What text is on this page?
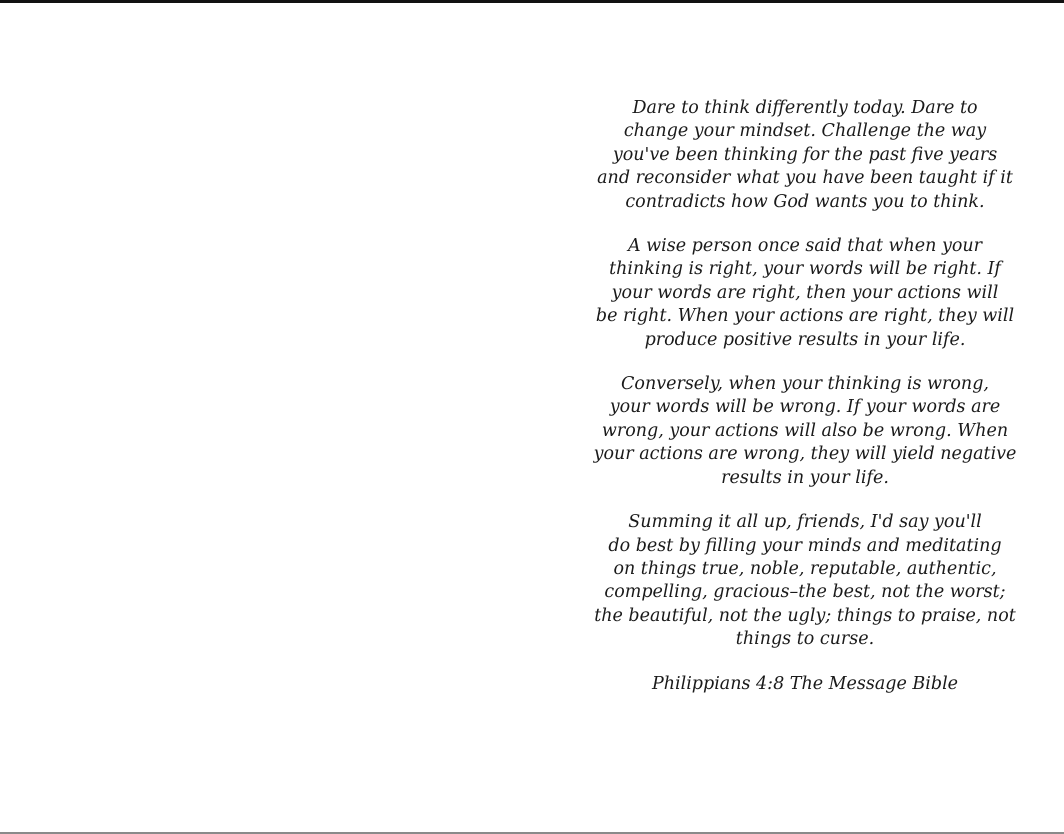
Dare to think differently today. Dare to
change your mindset. Challenge the way
you've been thinking for the past five years
and reconsider what you have been taught if it
contradicts how God wants you to think.

A wise person once said that when your
thinking is right, your words will be right. If
your words are right, then your actions will
be right. When your actions are right, they will
produce positive results in your life.

Conversely, when your thinking is wrong,
your words will be wrong. If your words are
wrong, your actions will also be wrong. When
your actions are wrong, they will yield negative
results in your life.

Summing it all up, friends, I'd say you'll
do best by filling your minds and meditating
on things true, noble, reputable, authentic,
compelling, gracious–the best, not the worst;
the beautiful, not the ugly; things to praise, not
things to curse.

Philippians 4:8 The Message Bible
